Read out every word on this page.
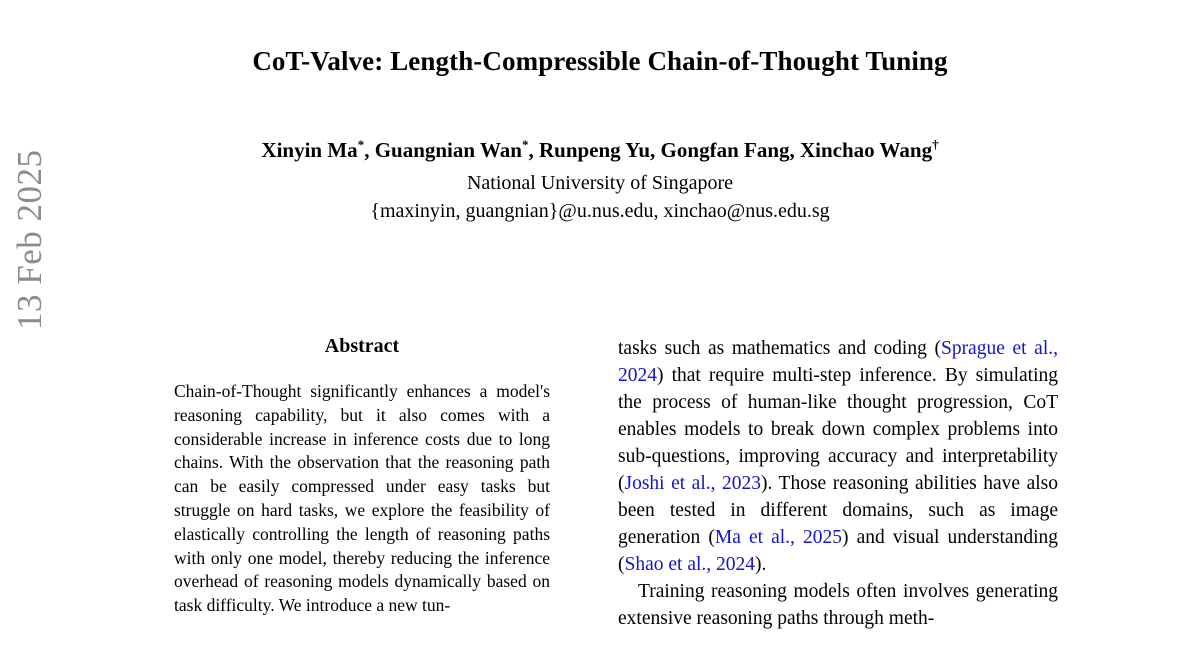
13 Feb 2025
CoT-Valve: Length-Compressible Chain-of-Thought Tuning
Xinyin Ma*, Guangnian Wan*, Runpeng Yu, Gongfan Fang, Xinchao Wang†
National University of Singapore
{maxinyin, guangnian}@u.nus.edu, xinchao@nus.edu.sg
Abstract

Chain-of-Thought significantly enhances a model's reasoning capability, but it also comes with a considerable increase in inference costs due to long chains. With the observation that the reasoning path can be easily compressed under easy tasks but struggle on hard tasks, we explore the feasibility of elastically controlling the length of reasoning paths with only one model, thereby reducing the inference overhead of reasoning models dynamically based on task difficulty. We introduce a new tun-

tasks such as mathematics and coding (Sprague et al., 2024) that require multi-step inference. By simulating the process of human-like thought progression, CoT enables models to break down complex problems into sub-questions, improving accuracy and interpretability (Joshi et al., 2023). Those reasoning abilities have also been tested in different domains, such as image generation (Ma et al., 2025) and visual understanding (Shao et al., 2024).

Training reasoning models often involves generating extensive reasoning paths through meth-
